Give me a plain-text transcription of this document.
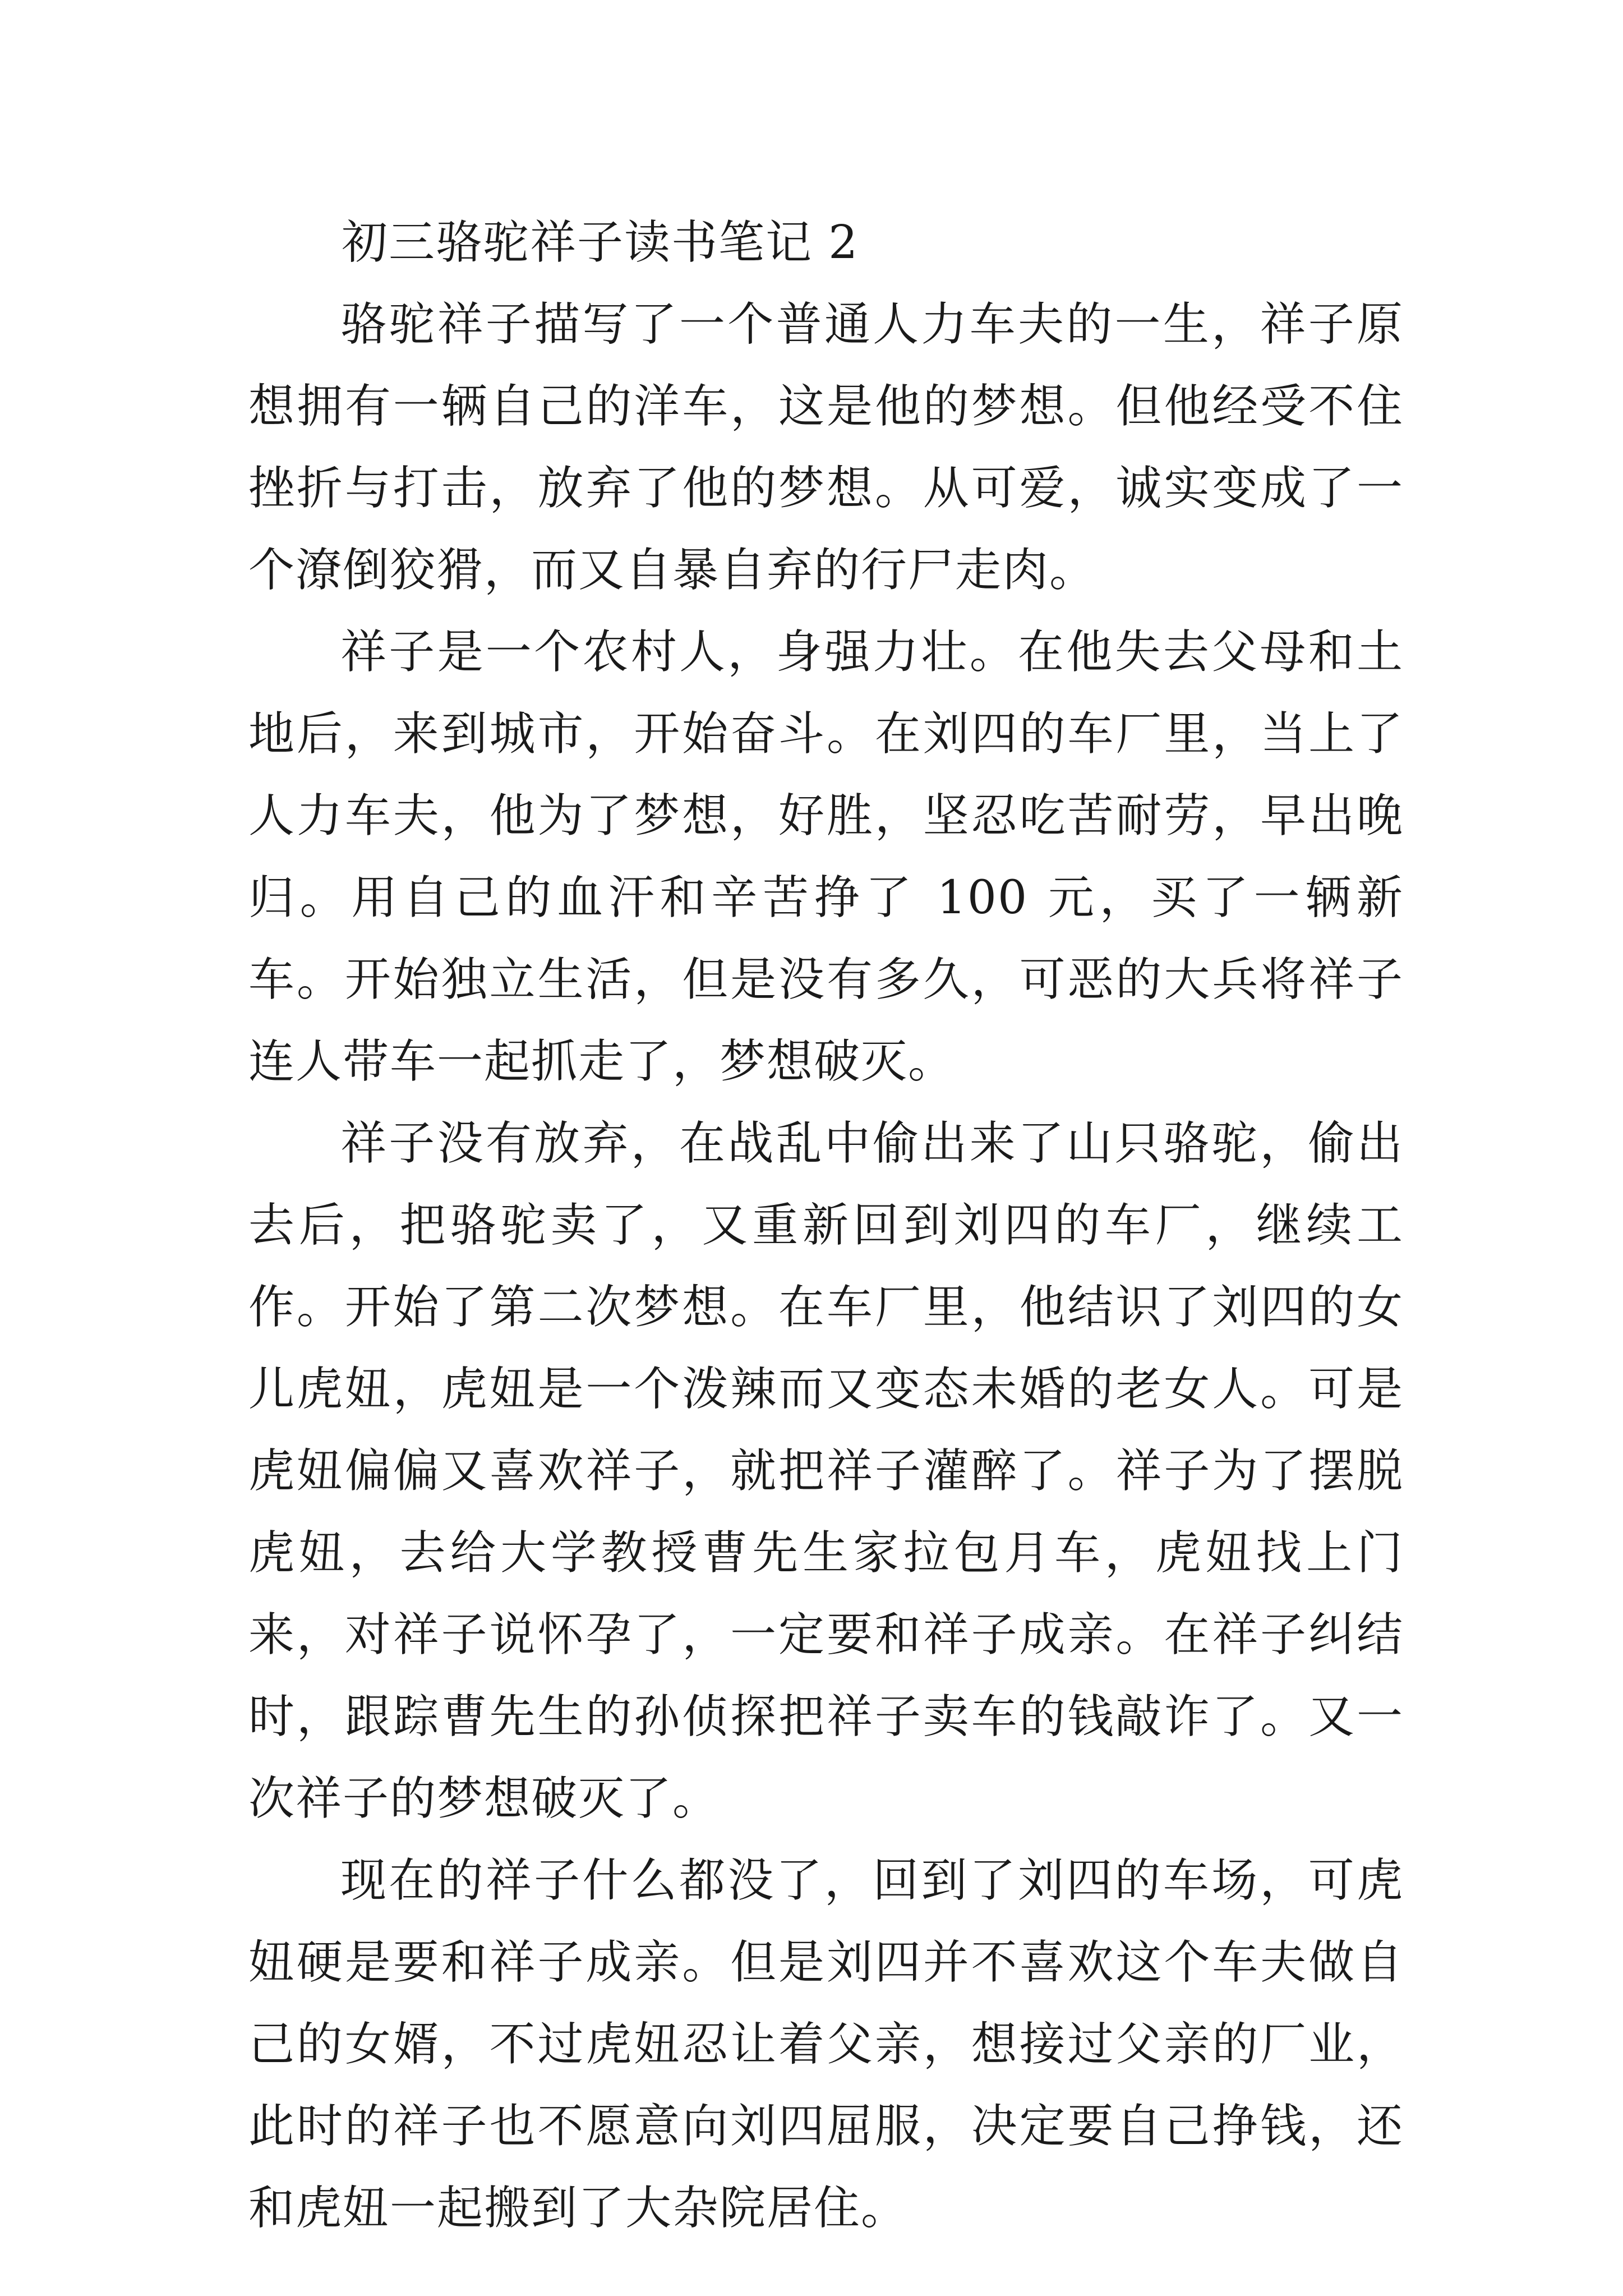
初三骆驼祥子读书笔记 2

骆驼祥子描写了一个普通人力车夫的一生，祥子原想拥有一辆自己的洋车，这是他的梦想。但他经受不住挫折与打击，放弃了他的梦想。从可爱，诚实变成了一个潦倒狡猾，而又自暴自弃的行尸走肉。

祥子是一个农村人，身强力壮。在他失去父母和土地后，来到城市，开始奋斗。在刘四的车厂里，当上了人力车夫，他为了梦想，好胜，坚忍吃苦耐劳，早出晚归。用自己的血汗和辛苦挣了 100 元，买了一辆新车。开始独立生活，但是没有多久，可恶的大兵将祥子连人带车一起抓走了，梦想破灭。

祥子没有放弃，在战乱中偷出来了山只骆驼，偷出去后，把骆驼卖了，又重新回到刘四的车厂，继续工作。开始了第二次梦想。在车厂里，他结识了刘四的女儿虎妞，虎妞是一个泼辣而又变态未婚的老女人。可是虎妞偏偏又喜欢祥子，就把祥子灌醉了。祥子为了摆脱虎妞，去给大学教授曹先生家拉包月车，虎妞找上门来，对祥子说怀孕了，一定要和祥子成亲。在祥子纠结时，跟踪曹先生的孙侦探把祥子卖车的钱敲诈了。又一次祥子的梦想破灭了。

现在的祥子什么都没了，回到了刘四的车场，可虎妞硬是要和祥子成亲。但是刘四并不喜欢这个车夫做自己的女婿，不过虎妞忍让着父亲，想接过父亲的厂业，此时的祥子也不愿意向刘四屈服，决定要自己挣钱，还和虎妞一起搬到了大杂院居住。
